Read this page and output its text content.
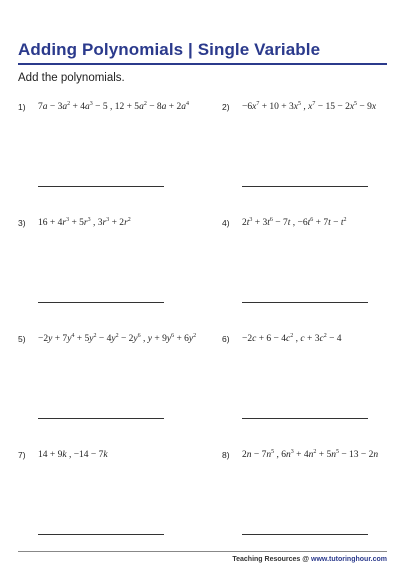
Adding Polynomials | Single Variable
Add the polynomials.
1) $7a - 3a^2 + 4a^3 - 5$ , $12 + 5a^2 - 8a + 2a^4$	$2) -6x^7 + 10 + 3x^5$ , $x^7 - 15 - 2x^5 - 9x$
3) $16 + 4r^3 + 5r^3$ , $3r^3 + 2r^2$	4) $2t^3 + 3t^6 - 7t$ , $-6t^6 + 7t - t^2$
$5) -2y + 7y^4 + 5y^2 - 4y^2 - 2y^6$ , $y + 9y^6 + 6y^2$	$6) -2c + 6 - 4c^2$ , $c + 3c^2 - 4$
7) 14 + 9k , −14 − 7k	8) $2n - 7n^5$ , $6n^3 + 4n^2 + 5n^5 - 13 - 2n$
Teaching Resources @ www.tutoringhour.com
